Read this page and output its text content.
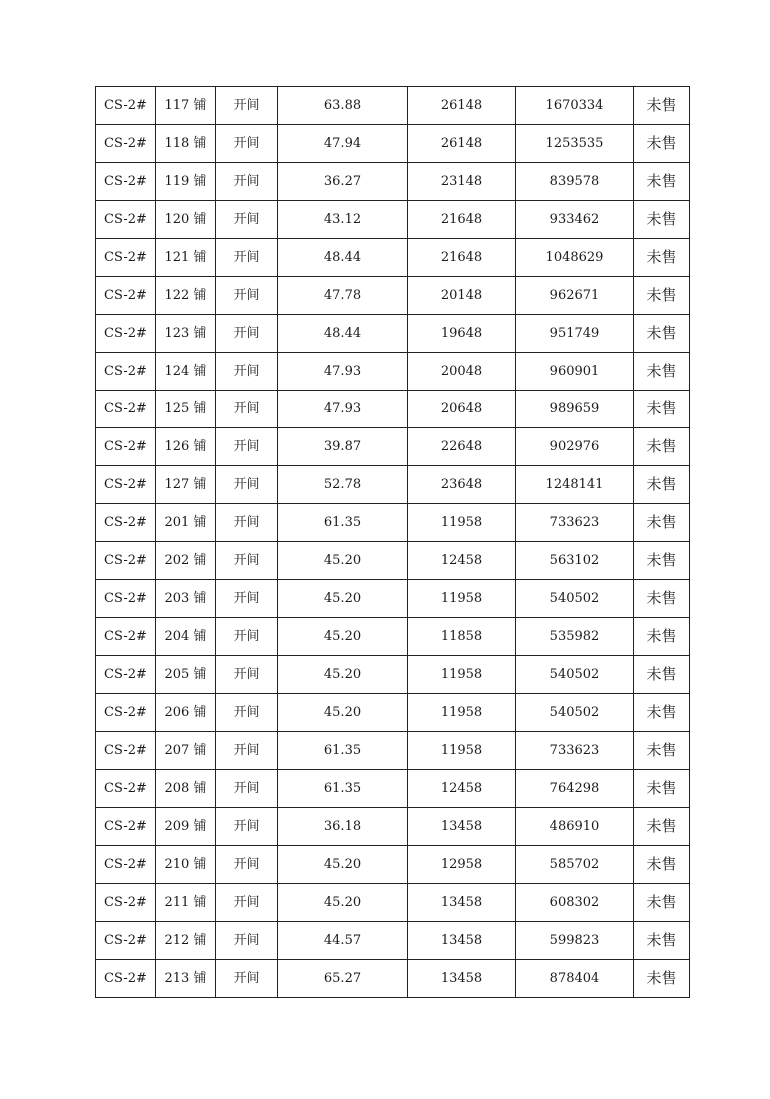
CS-2#	117 铺	开间	63.88	26148	1670334	未售
CS-2#	118 铺	开间	47.94	26148	1253535	未售
CS-2#	119 铺	开间	36.27	23148	839578	未售
CS-2#	120 铺	开间	43.12	21648	933462	未售
CS-2#	121 铺	开间	48.44	21648	1048629	未售
CS-2#	122 铺	开间	47.78	20148	962671	未售
CS-2#	123 铺	开间	48.44	19648	951749	未售
CS-2#	124 铺	开间	47.93	20048	960901	未售
CS-2#	125 铺	开间	47.93	20648	989659	未售
CS-2#	126 铺	开间	39.87	22648	902976	未售
CS-2#	127 铺	开间	52.78	23648	1248141	未售
CS-2#	201 铺	开间	61.35	11958	733623	未售
CS-2#	202 铺	开间	45.20	12458	563102	未售
CS-2#	203 铺	开间	45.20	11958	540502	未售
CS-2#	204 铺	开间	45.20	11858	535982	未售
CS-2#	205 铺	开间	45.20	11958	540502	未售
CS-2#	206 铺	开间	45.20	11958	540502	未售
CS-2#	207 铺	开间	61.35	11958	733623	未售
CS-2#	208 铺	开间	61.35	12458	764298	未售
CS-2#	209 铺	开间	36.18	13458	486910	未售
CS-2#	210 铺	开间	45.20	12958	585702	未售
CS-2#	211 铺	开间	45.20	13458	608302	未售
CS-2#	212 铺	开间	44.57	13458	599823	未售
CS-2#	213 铺	开间	65.27	13458	878404	未售
